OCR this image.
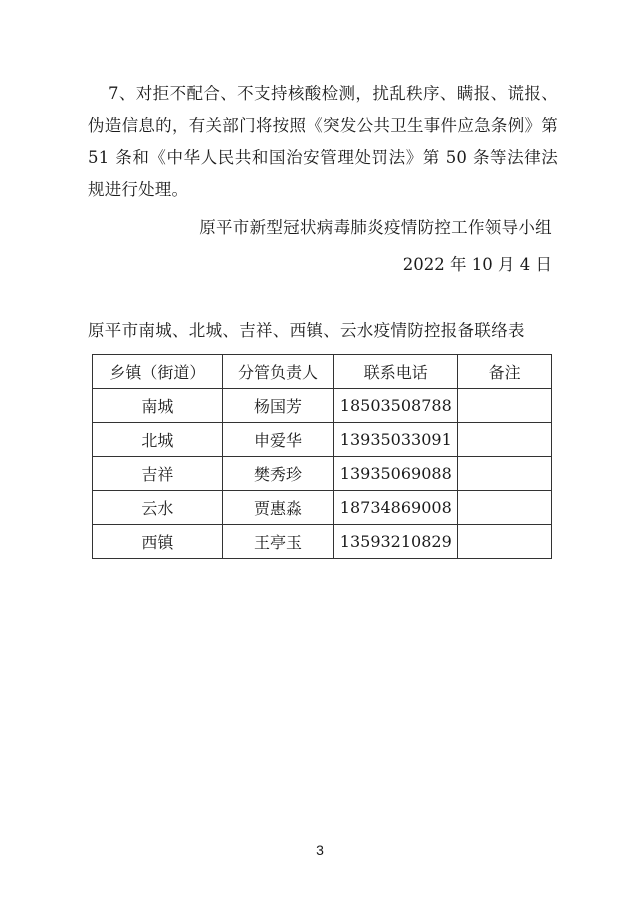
7、对拒不配合、不支持核酸检测，扰乱秩序、瞒报、谎报、伪造信息的，有关部门将按照《突发公共卫生事件应急条例》第 51 条和《中华人民共和国治安管理处罚法》第 50 条等法律法规进行处理。
原平市新型冠状病毒肺炎疫情防控工作领导小组
2022 年 10 月 4 日
原平市南城、北城、吉祥、西镇、云水疫情防控报备联络表
乡镇（街道）	分管负责人	联系电话	备注
南城	杨国芳	18503508788	
北城	申爱华	13935033091	
吉祥	樊秀珍	13935069088	
云水	贾惠淼	18734869008	
西镇	王亭玉	13593210829	
3
